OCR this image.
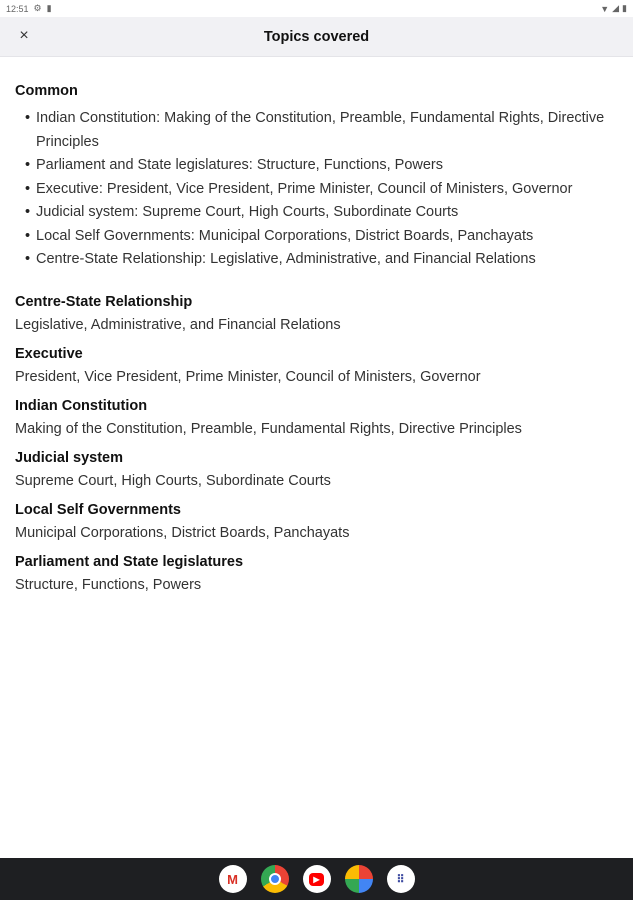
12:51 ⚙ ▮	▼ ◢ ▮
×	Topics covered
Common
• Indian Constitution: Making of the Constitution, Preamble, Fundamental Rights, Directive Principles
• Parliament and State legislatures: Structure, Functions, Powers
• Executive: President, Vice President, Prime Minister, Council of Ministers, Governor
• Judicial system: Supreme Court, High Courts, Subordinate Courts
• Local Self Governments: Municipal Corporations, District Boards, Panchayats
• Centre-State Relationship: Legislative, Administrative, and Financial Relations
Centre-State Relationship

Legislative, Administrative, and Financial Relations

Executive

President, Vice President, Prime Minister, Council of Ministers, Governor

Indian Constitution

Making of the Constitution, Preamble, Fundamental Rights, Directive Principles

Judicial system

Supreme Court, High Courts, Subordinate Courts

Local Self Governments

Municipal Corporations, District Boards, Panchayats

Parliament and State legislatures

Structure, Functions, Powers

M	▶	⠿
